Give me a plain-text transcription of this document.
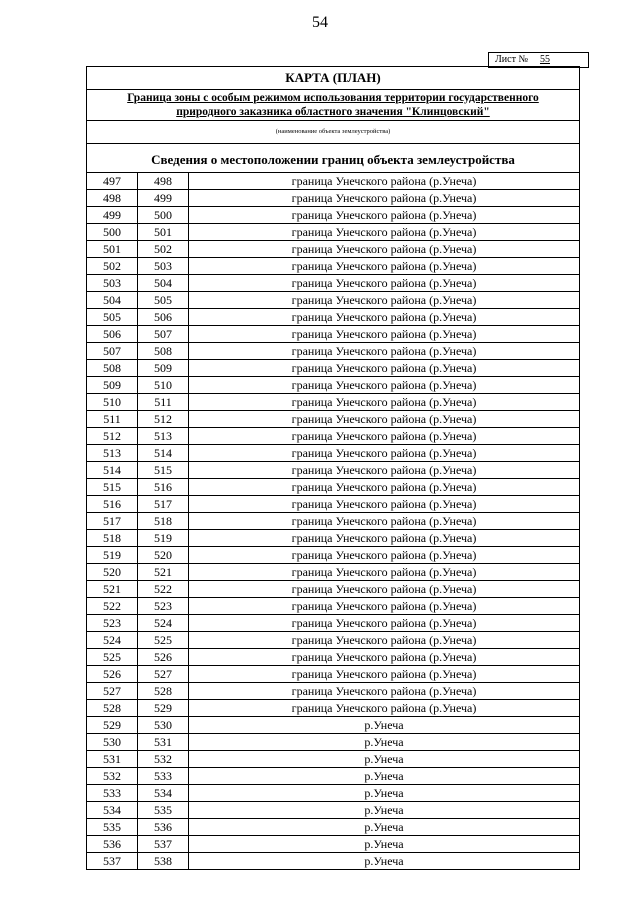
54
Лист № 55
КАРТА (ПЛАН)
Граница зоны с особым режимом использования территории государственного
природного заказника областного значения "Клинцовский"
(наименование объекта землеустройства)
Сведения о местоположении границ объекта землеустройства
497	498	граница Унечского района (р.Унеча)
498	499	граница Унечского района (р.Унеча)
499	500	граница Унечского района (р.Унеча)
500	501	граница Унечского района (р.Унеча)
501	502	граница Унечского района (р.Унеча)
502	503	граница Унечского района (р.Унеча)
503	504	граница Унечского района (р.Унеча)
504	505	граница Унечского района (р.Унеча)
505	506	граница Унечского района (р.Унеча)
506	507	граница Унечского района (р.Унеча)
507	508	граница Унечского района (р.Унеча)
508	509	граница Унечского района (р.Унеча)
509	510	граница Унечского района (р.Унеча)
510	511	граница Унечского района (р.Унеча)
511	512	граница Унечского района (р.Унеча)
512	513	граница Унечского района (р.Унеча)
513	514	граница Унечского района (р.Унеча)
514	515	граница Унечского района (р.Унеча)
515	516	граница Унечского района (р.Унеча)
516	517	граница Унечского района (р.Унеча)
517	518	граница Унечского района (р.Унеча)
518	519	граница Унечского района (р.Унеча)
519	520	граница Унечского района (р.Унеча)
520	521	граница Унечского района (р.Унеча)
521	522	граница Унечского района (р.Унеча)
522	523	граница Унечского района (р.Унеча)
523	524	граница Унечского района (р.Унеча)
524	525	граница Унечского района (р.Унеча)
525	526	граница Унечского района (р.Унеча)
526	527	граница Унечского района (р.Унеча)
527	528	граница Унечского района (р.Унеча)
528	529	граница Унечского района (р.Унеча)
529	530	р.Унеча
530	531	р.Унеча
531	532	р.Унеча
532	533	р.Унеча
533	534	р.Унеча
534	535	р.Унеча
535	536	р.Унеча
536	537	р.Унеча
537	538	р.Унеча
